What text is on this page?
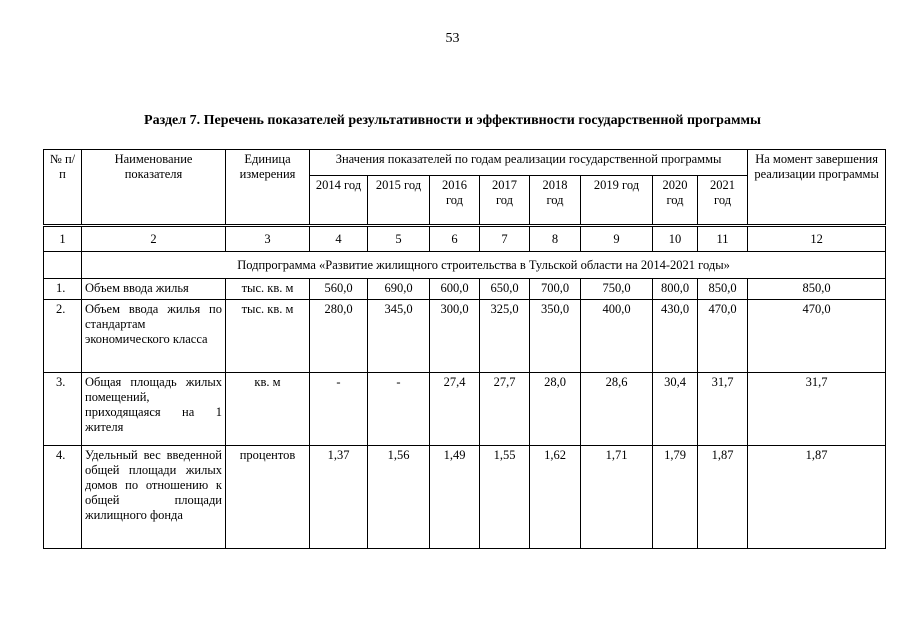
53
Раздел 7. Перечень показателей результативности и эффективности государственной программы
№ п/п	Наименование показателя	Единица измерения	Значения показателей по годам реализации государственной программы								На момент завершения реализации программы
			2014 год	2015 год	2016 год	2017 год	2018 год	2019 год	2020 год	2021 год	
1	2	3	4	5	6	7	8	9	10	11	12
	Подпрограмма «Развитие жилищного строительства в Тульской области на 2014-2021 годы»										
1.	Объем ввода жилья	тыс. кв. м	560,0	690,0	600,0	650,0	700,0	750,0	800,0	850,0	850,0
2.	Объем ввода жилья по стандартам экономического класса	тыс. кв. м	280,0	345,0	300,0	325,0	350,0	400,0	430,0	470,0	470,0
3.	Общая площадь жилых помещений, приходящаяся на 1 жителя	кв. м	-	-	27,4	27,7	28,0	28,6	30,4	31,7	31,7
4.	Удельный вес введенной общей площади жилых домов по отношению к общей площади жилищного фонда	процентов	1,37	1,56	1,49	1,55	1,62	1,71	1,79	1,87	1,87
